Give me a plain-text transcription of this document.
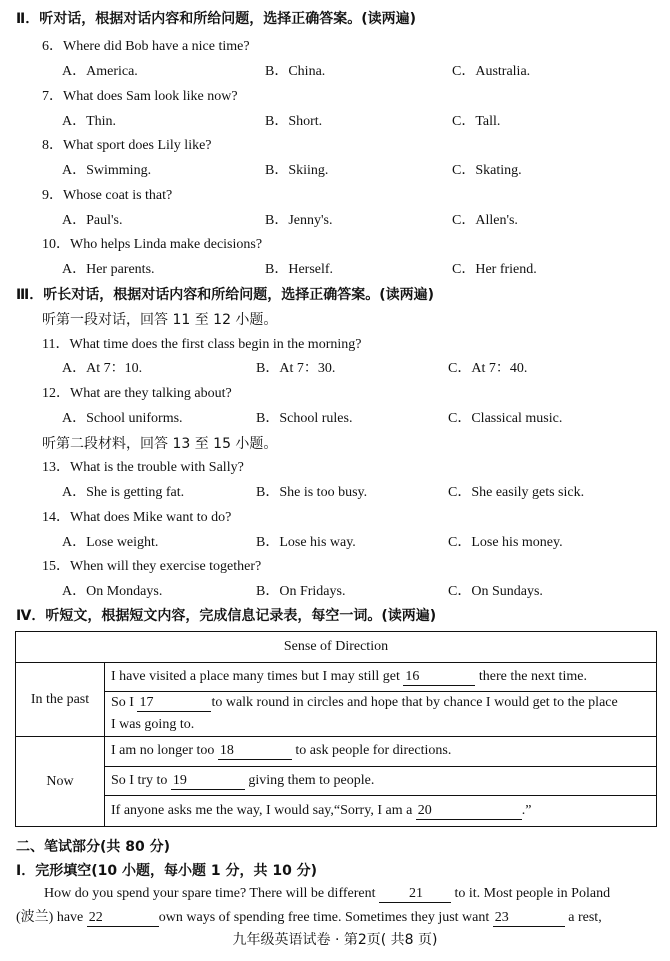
Ⅱ．听对话，根据对话内容和所给问题，选择正确答案。(读两遍)
6．Where did Bob have a nice time?
A．America.	B．China.	C．Australia.
7．What does Sam look like now?
A．Thin.	B．Short.	C．Tall.
8．What sport does Lily like?
A．Swimming.	B．Skiing.	C．Skating.
9．Whose coat is that?
A．Paul's.	B．Jenny's.	C．Allen's.
10．Who helps Linda make decisions?
A．Her parents.	B．Herself.	C．Her friend.
Ⅲ．听长对话，根据对话内容和所给问题，选择正确答案。(读两遍)
听第一段对话，回答 11 至 12 小题。
11．What time does the first class begin in the morning?
A．At 7：10.	B．At 7：30.	C．At 7：40.
12．What are they talking about?
A．School uniforms.	B．School rules.	C．Classical music.
听第二段材料，回答 13 至 15 小题。
13．What is the trouble with Sally?
A．She is getting fat.	B．She is too busy.	C．She easily gets sick.
14．What does Mike want to do?
A．Lose weight.	B．Lose his way.	C．Lose his money.
15．When will they exercise together?
A．On Mondays.	B．On Fridays.	C．On Sundays.
Ⅳ．听短文，根据短文内容，完成信息记录表，每空一词。(读两遍)
Sense of Direction	
In the past	I have visited a place many times but I may still get 16 there the next time.
	So I 17 to walk round in circles and hope that by chance I would get to the place
I was going to.
Now	I am no longer too 18 to ask people for directions.
	So I try to 19 giving them to people.
	If anyone asks me the way, I would say,“Sorry, I am a 20 .”
二、笔试部分(共 80 分)
Ⅰ．完形填空(10 小题，每小题 1 分，共 10 分)
How do you spend your spare time? There will be different 21 to it. Most people in Poland
(波兰) have 22	own ways of spending free time. Sometimes they just want 23	a rest,
九年级英语试卷 · 第2页( 共8 页)
